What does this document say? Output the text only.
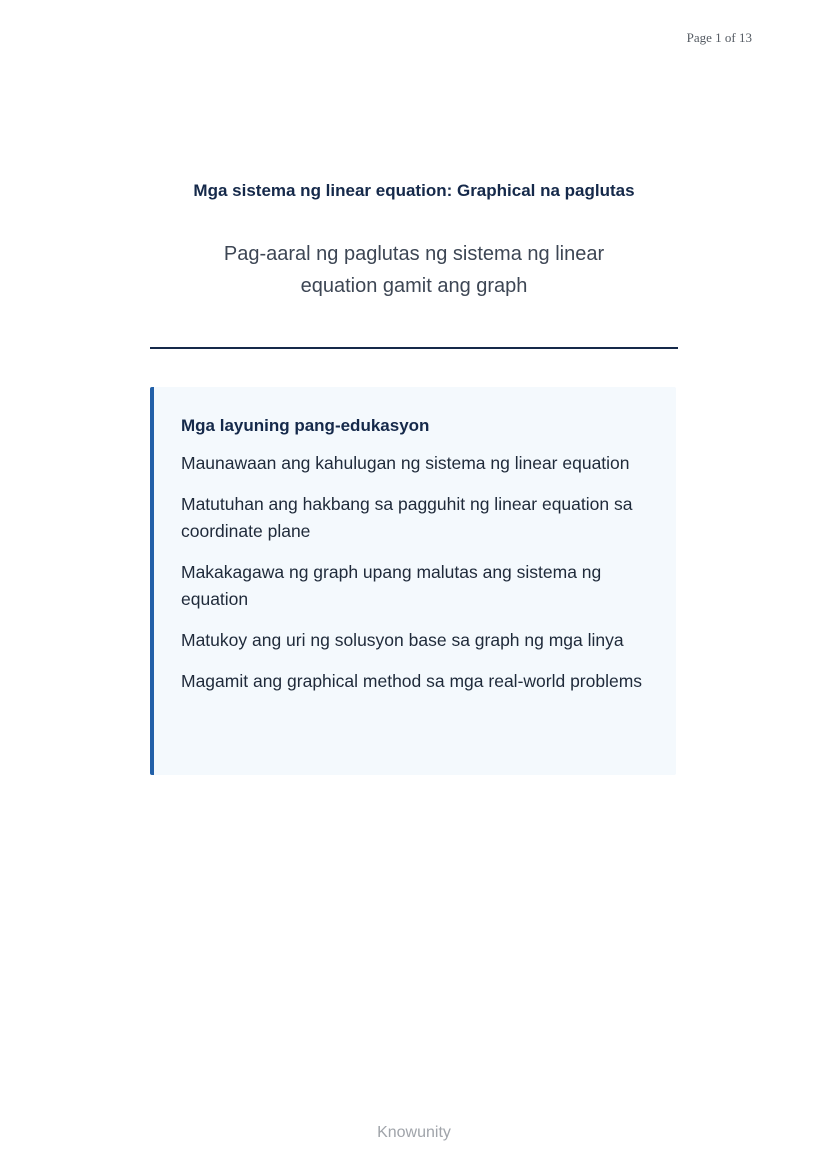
Page 1 of 13
Mga sistema ng linear equation: Graphical na paglutas
Pag-aaral ng paglutas ng sistema ng linear
equation gamit ang graph
Mga layuning pang-edukasyon
Maunawaan ang kahulugan ng sistema ng linear equation
Matutuhan ang hakbang sa pagguhit ng linear equation sa coordinate plane
Makakagawa ng graph upang malutas ang sistema ng equation
Matukoy ang uri ng solusyon base sa graph ng mga linya
Magamit ang graphical method sa mga real-world problems
Knowunity
